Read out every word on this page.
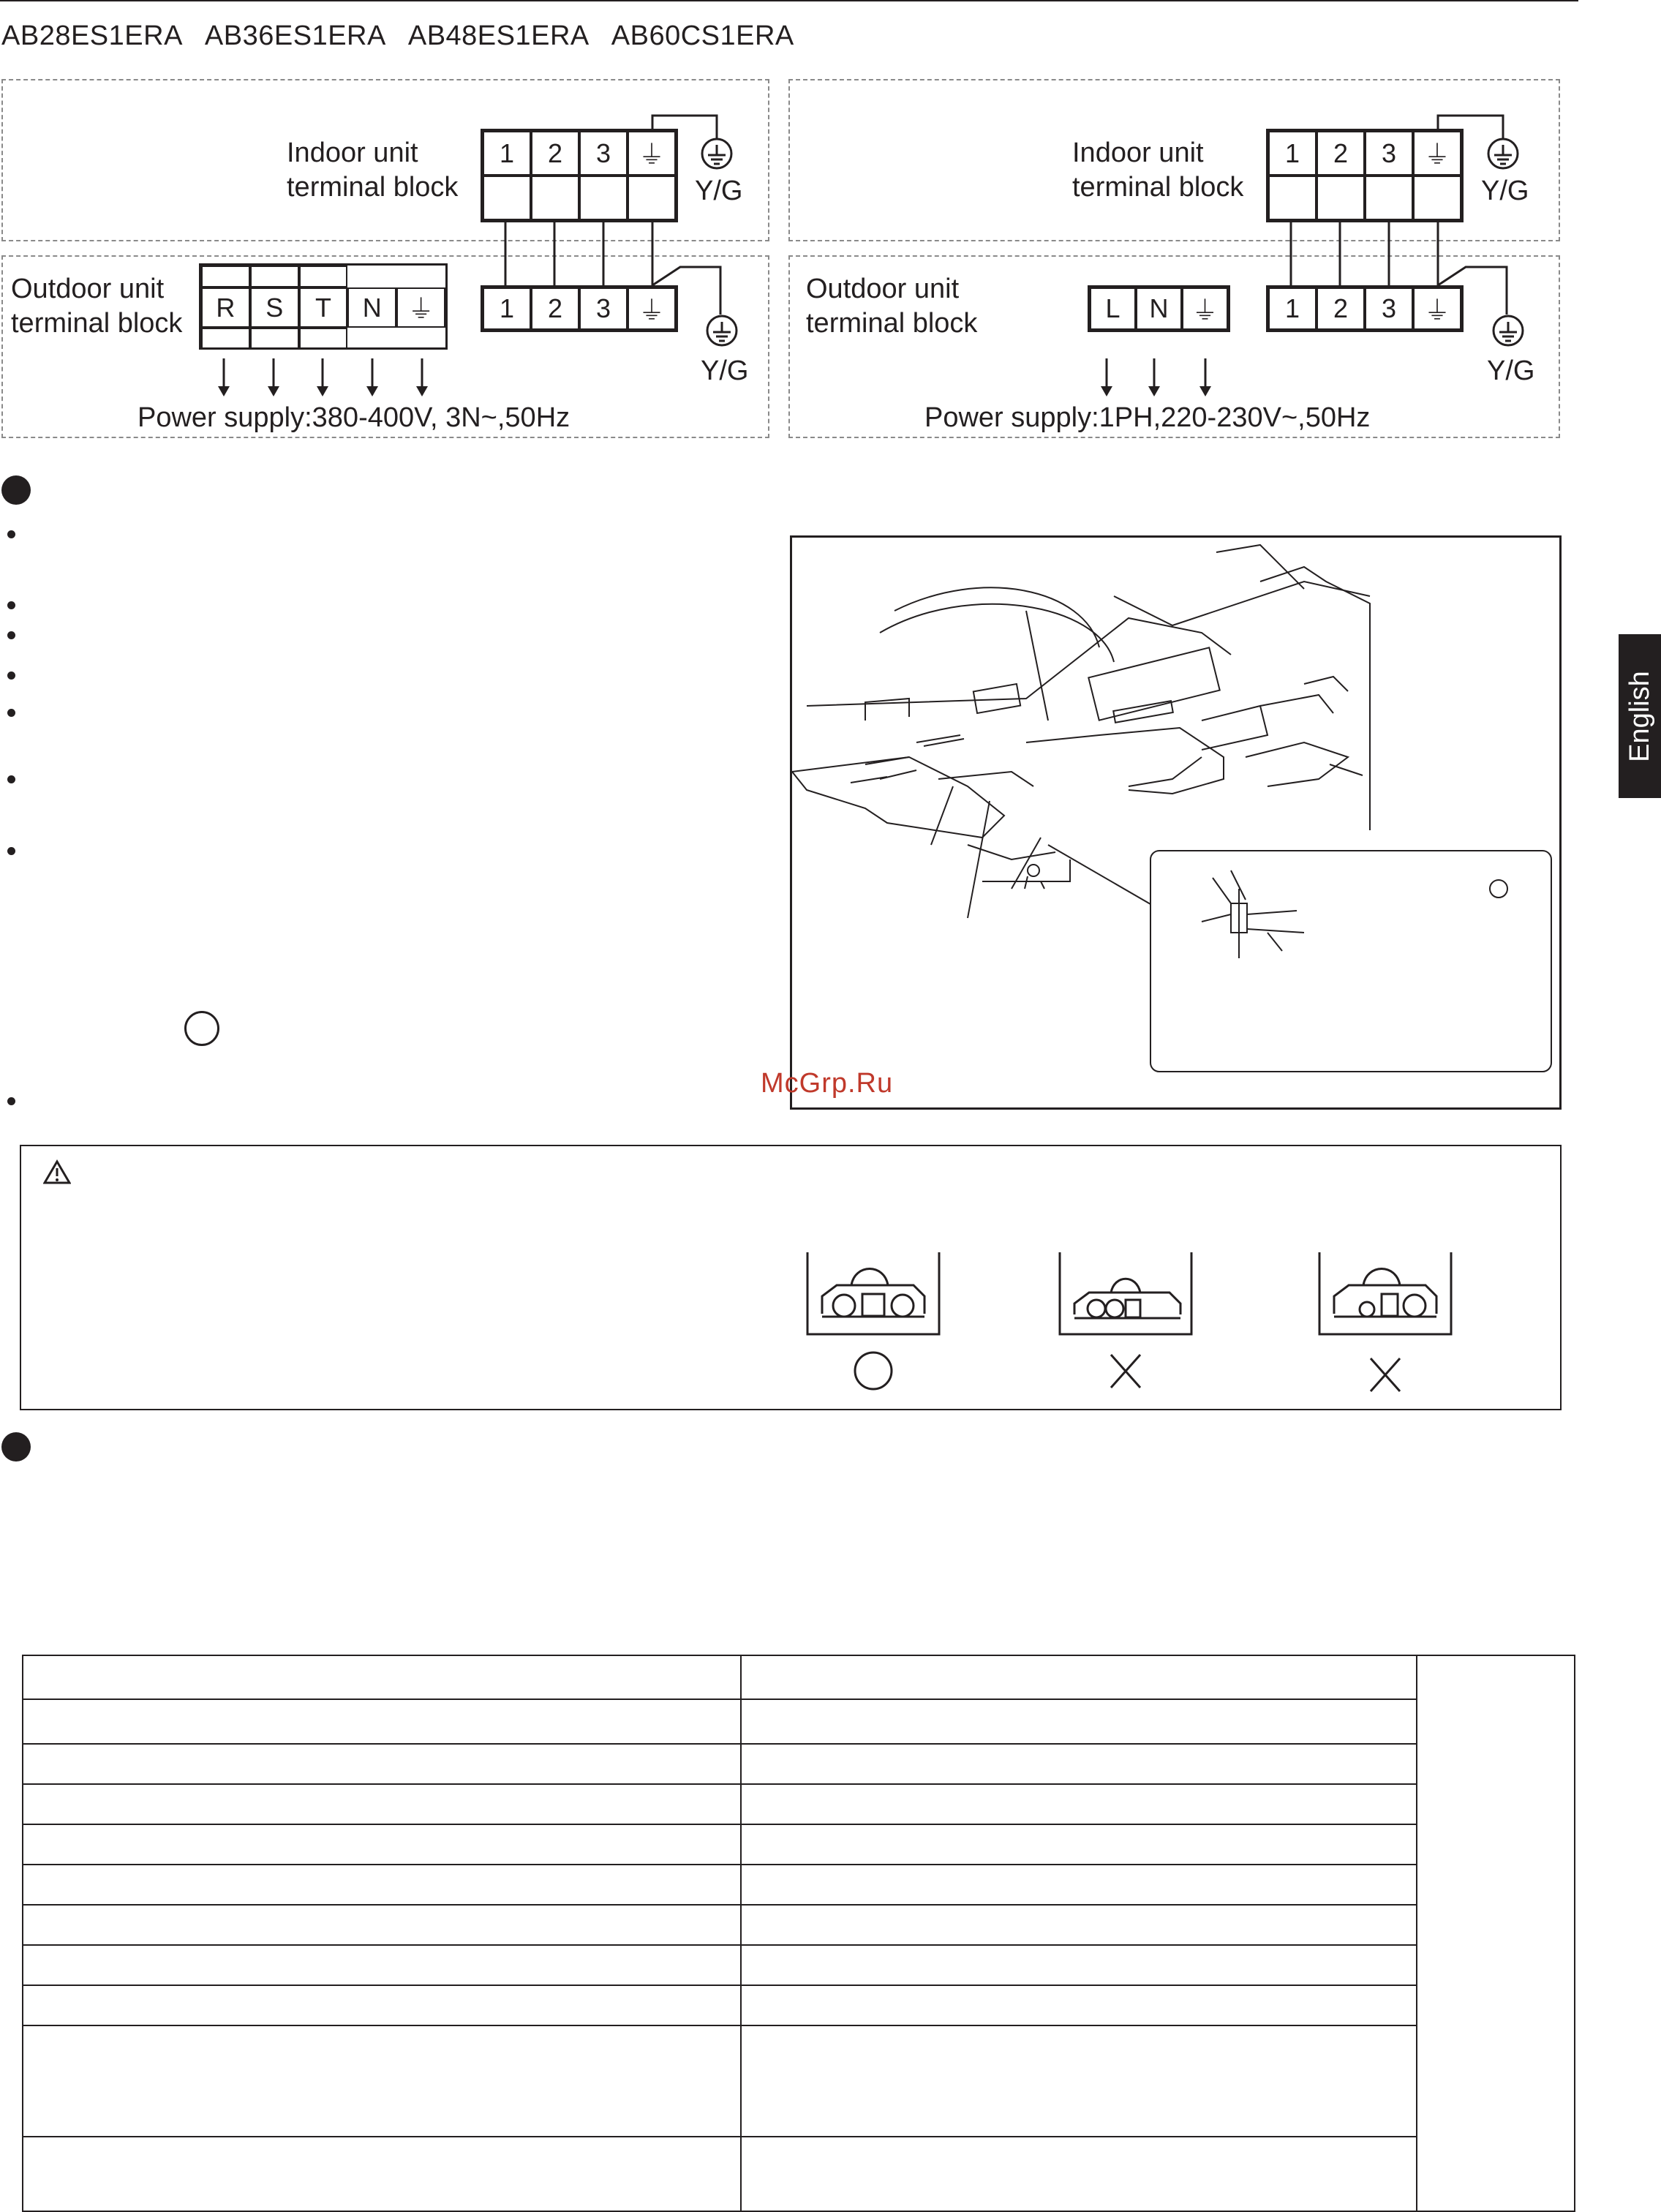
AB28ES1ERA AB36ES1ERA AB48ES1ERA AB60CS1ERA
Indoor unit
terminal block
1	2	3	⏚
Y/G
Outdoor unit
terminal block
R	S	T	N ⏚	1	2	3	⏚
Y/G
Power supply:380-400V, 3N~,50Hz
Indoor unit
terminal block
1	2	3	⏚
Y/G
Outdoor unit
terminal block	L	N ⏚	1	2	3	⏚
Y/G
Power supply:1PH,220-230V~,50Hz
English
McGrp.Ru
